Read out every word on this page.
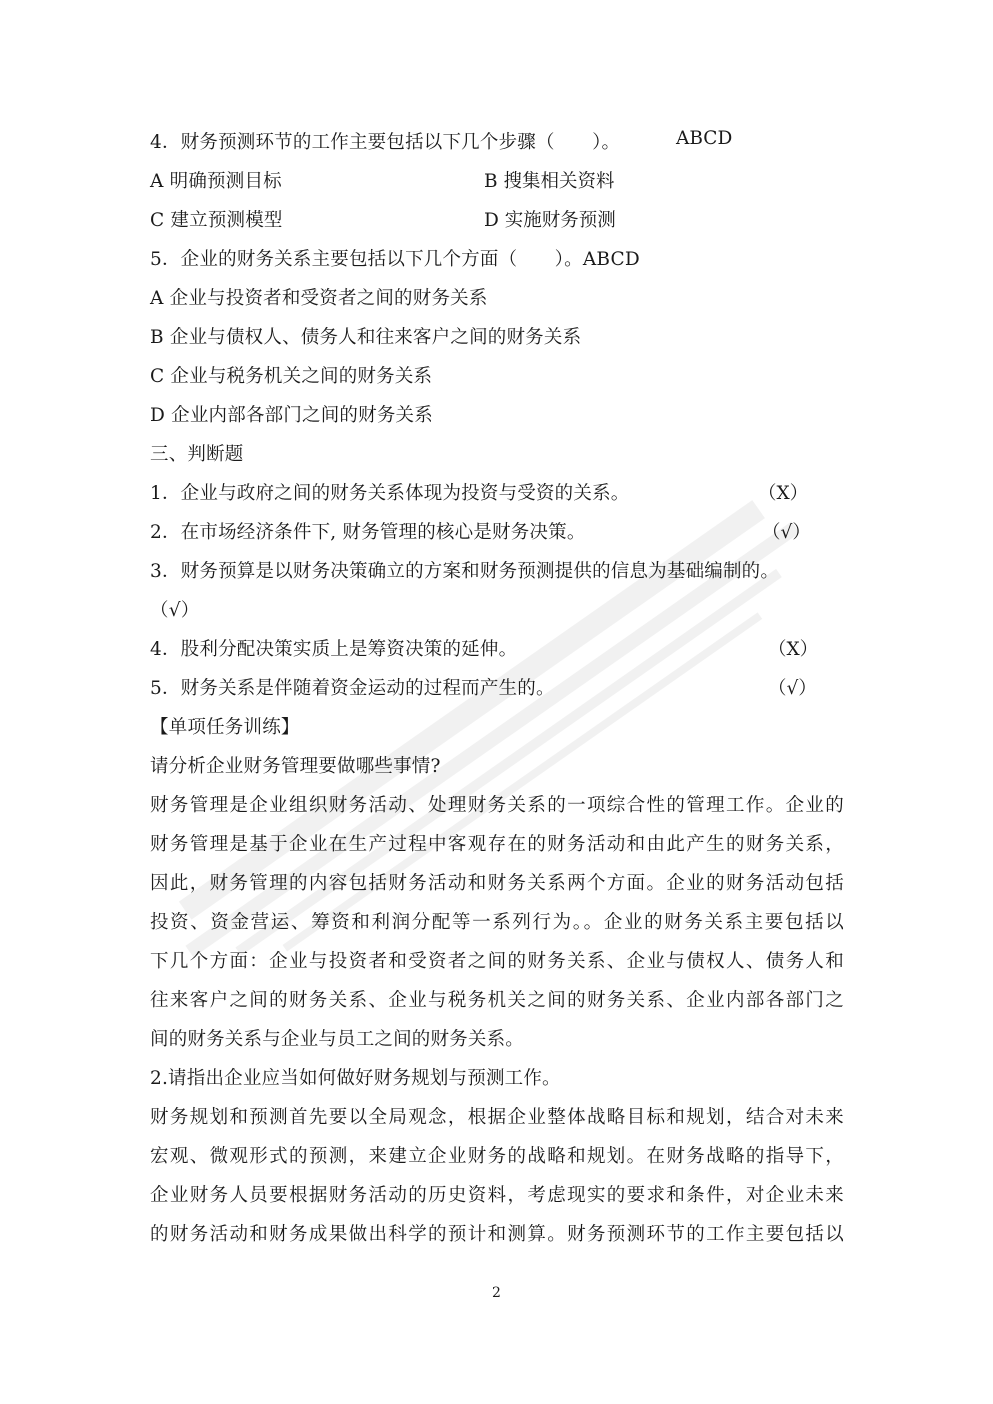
4．财务预测环节的工作主要包括以下几个步骤（　　）。	ABCD
A 明确预测目标	B 搜集相关资料
C 建立预测模型	D 实施财务预测
5．企业的财务关系主要包括以下几个方面（　　）。ABCD
A 企业与投资者和受资者之间的财务关系
B 企业与债权人、债务人和往来客户之间的财务关系
C 企业与税务机关之间的财务关系
D 企业内部各部门之间的财务关系
三、判断题
1．企业与政府之间的财务关系体现为投资与受资的关系。	（X）
2．在市场经济条件下, 财务管理的核心是财务决策。	（√）
3．财务预算是以财务决策确立的方案和财务预测提供的信息为基础编制的。
（√）
4．股利分配决策实质上是筹资决策的延伸。	（X）
5．财务关系是伴随着资金运动的过程而产生的。	（√）
【单项任务训练】
请分析企业财务管理要做哪些事情?
财务管理是企业组织财务活动、处理财务关系的一项综合性的管理工作。企业的
财务管理是基于企业在生产过程中客观存在的财务活动和由此产生的财务关系，
因此，财务管理的内容包括财务活动和财务关系两个方面。企业的财务活动包括
投资、资金营运、筹资和利润分配等一系列行为。。企业的财务关系主要包括以
下几个方面：企业与投资者和受资者之间的财务关系、企业与债权人、债务人和
往来客户之间的财务关系、企业与税务机关之间的财务关系、企业内部各部门之
间的财务关系与企业与员工之间的财务关系。
2.请指出企业应当如何做好财务规划与预测工作。
财务规划和预测首先要以全局观念，根据企业整体战略目标和规划，结合对未来
宏观、微观形式的预测，来建立企业财务的战略和规划。在财务战略的指导下，
企业财务人员要根据财务活动的历史资料，考虑现实的要求和条件，对企业未来
的财务活动和财务成果做出科学的预计和测算。财务预测环节的工作主要包括以
2
